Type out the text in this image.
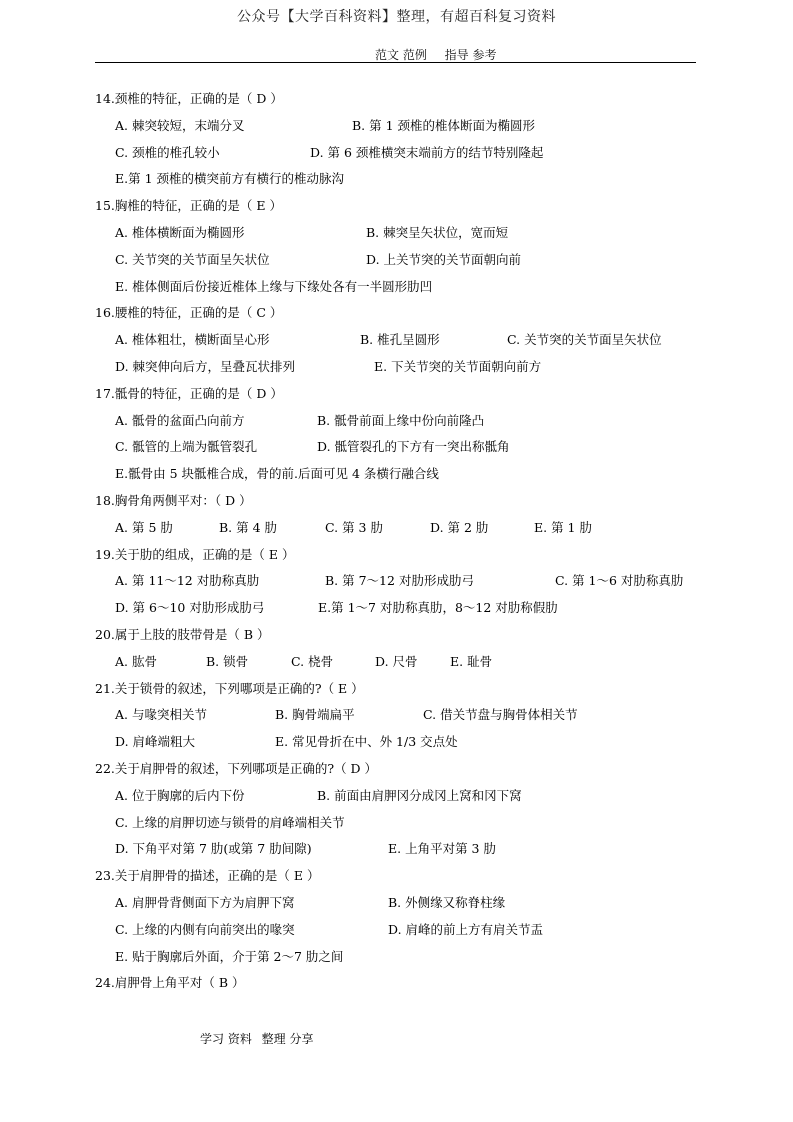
公众号【大学百科资料】整理，有超百科复习资料
范文 范例 指导 参考
14.颈椎的特征，正确的是（ D ）
A. 棘突较短，末端分叉	B. 第 1 颈椎的椎体断面为椭圆形
C. 颈椎的椎孔较小	D. 第 6 颈椎横突末端前方的结节特别隆起
E.第 1 颈椎的横突前方有横行的椎动脉沟
15.胸椎的特征，正确的是（ E ）
A. 椎体横断面为椭圆形	B. 棘突呈矢状位，宽而短
C. 关节突的关节面呈矢状位	D. 上关节突的关节面朝向前
E. 椎体侧面后份接近椎体上缘与下缘处各有一半圆形肋凹
16.腰椎的特征，正确的是（ C ）
A. 椎体粗壮，横断面呈心形	B. 椎孔呈圆形	C. 关节突的关节面呈矢状位
D. 棘突伸向后方，呈叠瓦状排列	E. 下关节突的关节面朝向前方
17.骶骨的特征，正确的是（ D ）
A. 骶骨的盆面凸向前方	B. 骶骨前面上缘中份向前隆凸
C. 骶管的上端为骶管裂孔	D. 骶管裂孔的下方有一突出称骶角
E.骶骨由 5 块骶椎合成，骨的前.后面可见 4 条横行融合线
18.胸骨角两侧平对：（ D ）
A. 第 5 肋	B. 第 4 肋	C. 第 3 肋	D. 第 2 肋	E. 第 1 肋
19.关于肋的组成，正确的是（ E ）
A. 第 11～12 对肋称真肋	B. 第 7～12 对肋形成肋弓	C. 第 1～6 对肋称真肋
D. 第 6～10 对肋形成肋弓	E.第 1～7 对肋称真肋，8～12 对肋称假肋
20.属于上肢的肢带骨是（ B ）
A. 肱骨	B. 锁骨	C. 桡骨	D. 尺骨	E. 耻骨
21.关于锁骨的叙述，下列哪项是正确的?（ E ）
A. 与喙突相关节	B. 胸骨端扁平	C. 借关节盘与胸骨体相关节
D. 肩峰端粗大	E. 常见骨折在中、外 1/3 交点处
22.关于肩胛骨的叙述，下列哪项是正确的?（ D ）
A. 位于胸廓的后内下份	B. 前面由肩胛冈分成冈上窝和冈下窝
C. 上缘的肩胛切迹与锁骨的肩峰端相关节
D. 下角平对第 7 肋(或第 7 肋间隙)	E. 上角平对第 3 肋
23.关于肩胛骨的描述，正确的是（ E ）
A. 肩胛骨背侧面下方为肩胛下窝	B. 外侧缘又称脊柱缘
C. 上缘的内侧有向前突出的喙突	D. 肩峰的前上方有肩关节盂
E. 贴于胸廓后外面，介于第 2～7 肋之间
24.肩胛骨上角平对（ B ）
学习 资料 整理 分享
